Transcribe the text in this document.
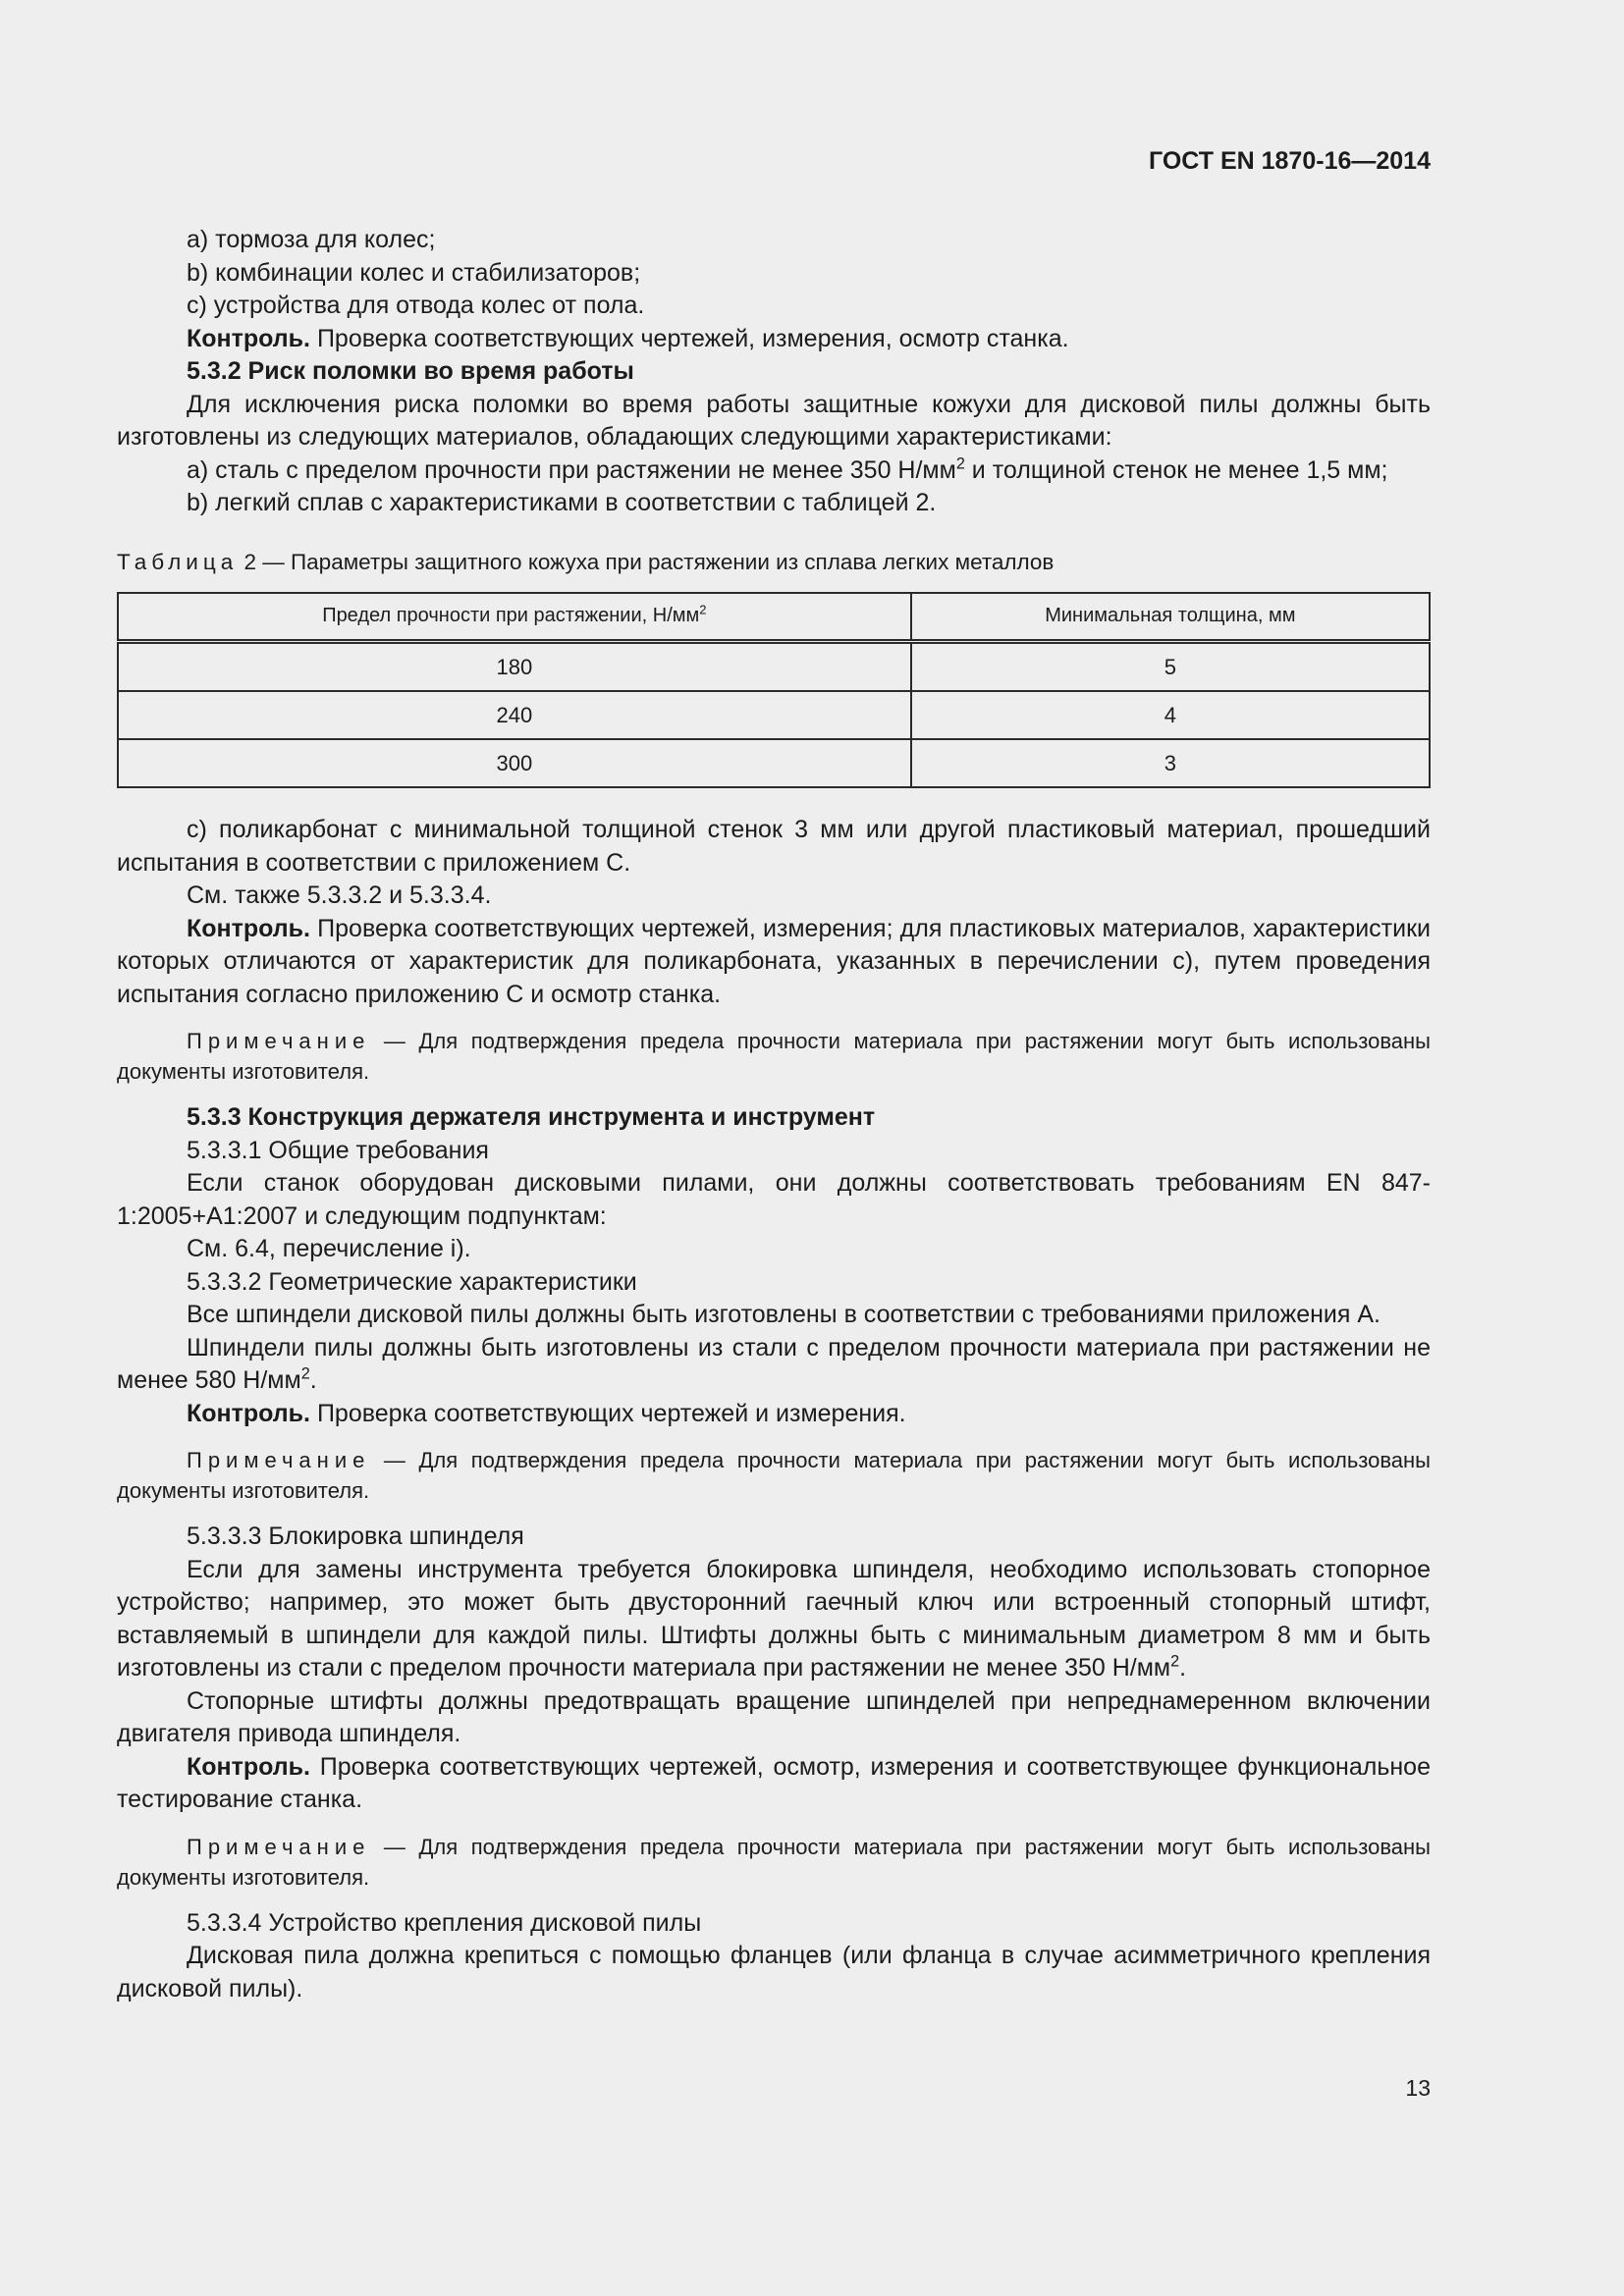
ГОСТ EN 1870-16—2014

a) тормоза для колес;

b) комбинации колес и стабилизаторов;

c) устройства для отвода колес от пола.

Контроль. Проверка соответствующих чертежей, измерения, осмотр станка.

5.3.2 Риск поломки во время работы

Для исключения риска поломки во время работы защитные кожухи для дисковой пилы должны быть изготовлены из следующих материалов, обладающих следующими характеристиками:

a) сталь с пределом прочности при растяжении не менее 350 $Н/мм^2$ и толщиной стенок не менее 1,5 мм;

b) легкий сплав с характеристиками в соответствии с таблицей 2.

Таблица 2 — Параметры защитного кожуха при растяжении из сплава легких металлов
Предел прочности при растяжении, $Н/мм^2$	Минимальная толщина, мм
180	5
240	4
300	3

c) поликарбонат с минимальной толщиной стенок 3 мм или другой пластиковый материал, прошедший испытания в соответствии с приложением C.

См. также 5.3.3.2 и 5.3.3.4.

Контроль. Проверка соответствующих чертежей, измерения; для пластиковых материалов, характеристики которых отличаются от характеристик для поликарбоната, указанных в перечислении c), путем проведения испытания согласно приложению C и осмотр станка.

Примечание — Для подтверждения предела прочности материала при растяжении могут быть использованы документы изготовителя.

5.3.3 Конструкция держателя инструмента и инструмент

5.3.3.1 Общие требования

Если станок оборудован дисковыми пилами, они должны соответствовать требованиям EN 847-1:2005+A1:2007 и следующим подпунктам:

См. 6.4, перечисление i).

5.3.3.2 Геометрические характеристики

Все шпиндели дисковой пилы должны быть изготовлены в соответствии с требованиями приложения A.

Шпиндели пилы должны быть изготовлены из стали с пределом прочности материала при растяжении не менее 580 $Н/мм^2$.

Контроль. Проверка соответствующих чертежей и измерения.

Примечание — Для подтверждения предела прочности материала при растяжении могут быть использованы документы изготовителя.

5.3.3.3 Блокировка шпинделя

Если для замены инструмента требуется блокировка шпинделя, необходимо использовать стопорное устройство; например, это может быть двусторонний гаечный ключ или встроенный стопорный штифт, вставляемый в шпиндели для каждой пилы. Штифты должны быть с минимальным диаметром 8 мм и быть изготовлены из стали с пределом прочности материала при растяжении не менее 350 $Н/мм^2$.

Стопорные штифты должны предотвращать вращение шпинделей при непреднамеренном включении двигателя привода шпинделя.

Контроль. Проверка соответствующих чертежей, осмотр, измерения и соответствующее функциональное тестирование станка.

Примечание — Для подтверждения предела прочности материала при растяжении могут быть использованы документы изготовителя.

5.3.3.4 Устройство крепления дисковой пилы

Дисковая пила должна крепиться с помощью фланцев (или фланца в случае асимметричного крепления дисковой пилы).

13
